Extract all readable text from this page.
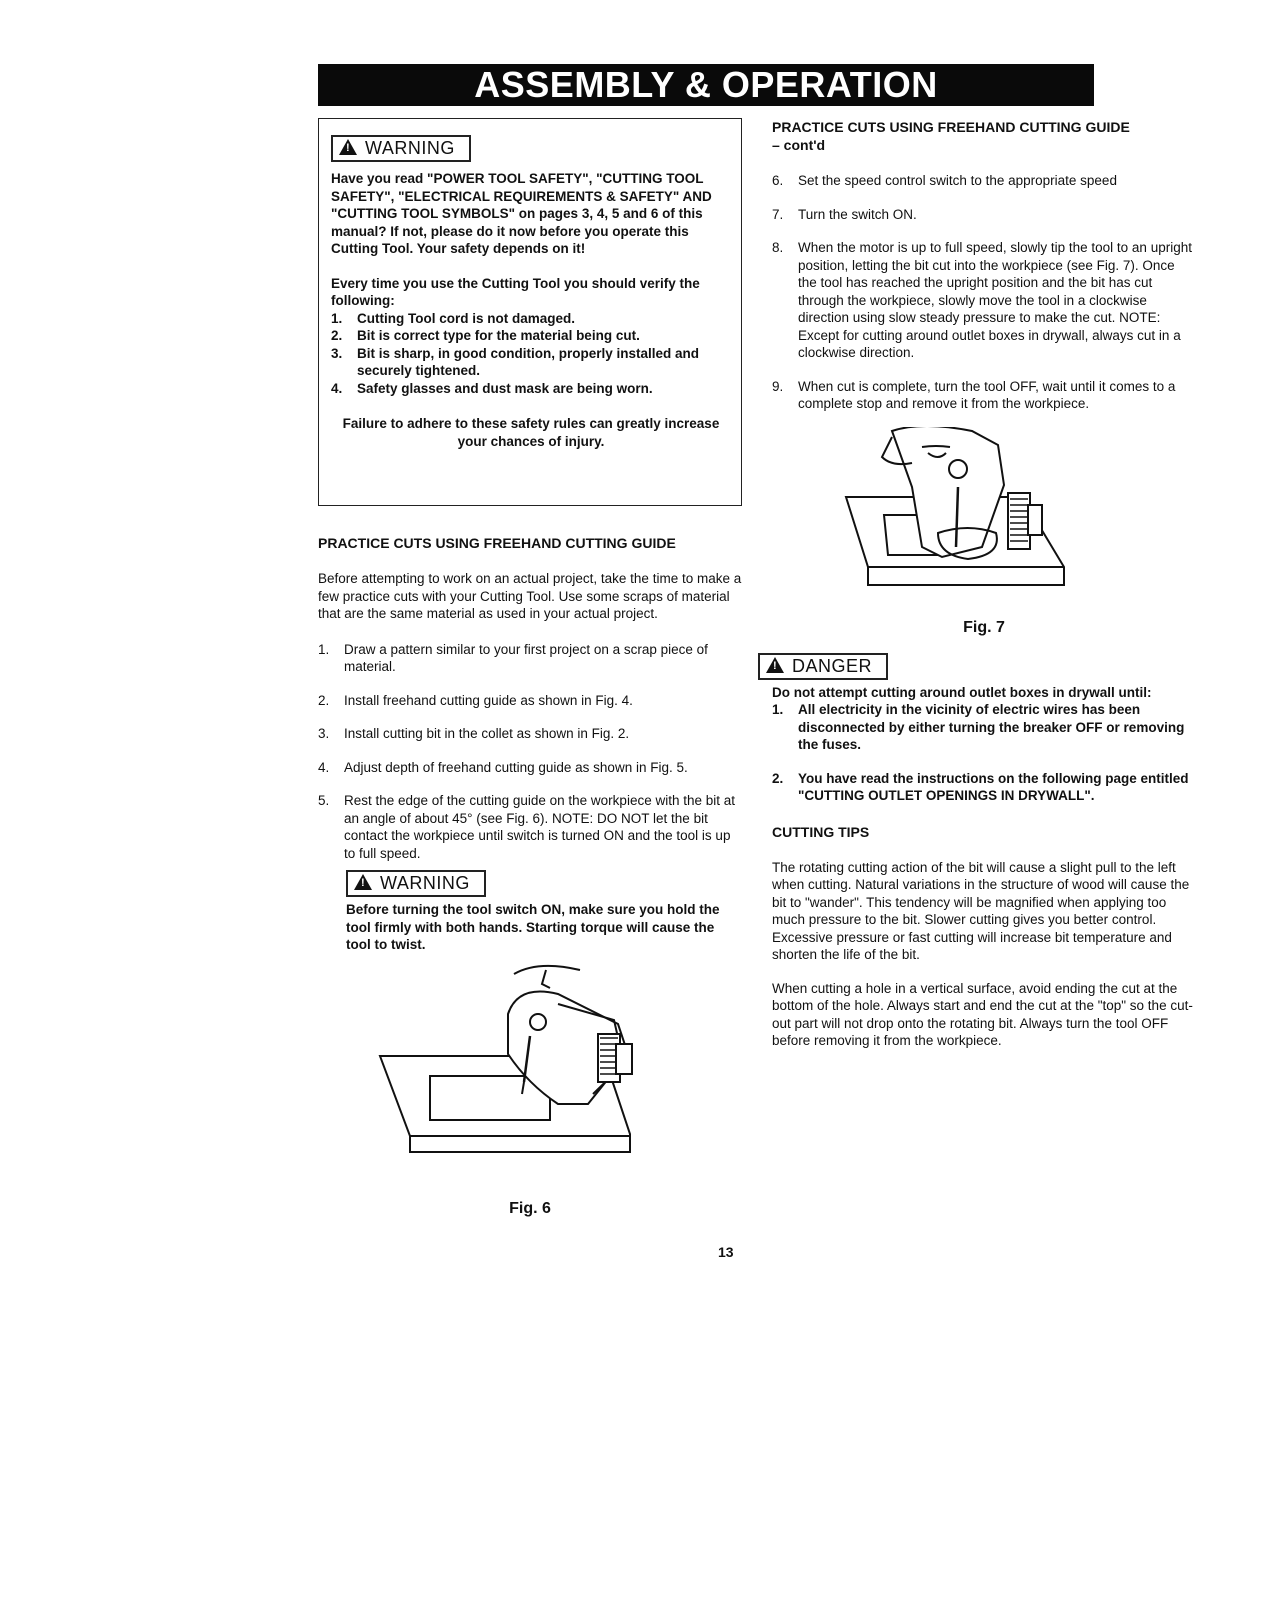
ASSEMBLY & OPERATION
!WARNING

Have you read "POWER TOOL SAFETY", "CUTTING TOOL SAFETY", "ELECTRICAL REQUIREMENTS & SAFETY" AND "CUTTING TOOL SYMBOLS" on pages 3, 4, 5 and 6 of this manual? If not, please do it now before you operate this Cutting Tool. Your safety depends on it!

Every time you use the Cutting Tool you should verify the following:

1.	Cutting Tool cord is not damaged.
2.	Bit is correct type for the material being cut.
3.	Bit is sharp, in good condition, properly installed and securely tightened.
4.	Safety glasses and dust mask are being worn.

Failure to adhere to these safety rules can greatly increase your chances of injury.

PRACTICE CUTS USING FREEHAND CUTTING GUIDE

Before attempting to work on an actual project, take the time to make a few practice cuts with your Cutting Tool. Use some scraps of material that are the same material as used in your actual project.

1.	Draw a pattern similar to your first project on a scrap piece of material.
2.	Install freehand cutting guide as shown in Fig. 4.
3.	Install cutting bit in the collet as shown in Fig. 2.
4.	Adjust depth of freehand cutting guide as shown in Fig. 5.
5.	Rest the edge of the cutting guide on the workpiece with the bit at an angle of about 45° (see Fig. 6). NOTE: DO NOT let the bit contact the workpiece until switch is turned ON and the tool is up to full speed.
!WARNING

Before turning the tool switch ON, make sure you hold the tool firmly with both hands. Starting torque will cause the tool to twist.

Fig. 6

PRACTICE CUTS USING FREEHAND CUTTING GUIDE – cont'd

6.	Set the speed control switch to the appropriate speed
7.	Turn the switch ON.
8.	When the motor is up to full speed, slowly tip the tool to an upright position, letting the bit cut into the workpiece (see Fig. 7). Once the tool has reached the upright position and the bit has cut through the workpiece, slowly move the tool in a clockwise direction using slow steady pressure to make the cut. NOTE: Except for cutting around outlet boxes in drywall, always cut in a clockwise direction.
9.	When cut is complete, turn the tool OFF, wait until it comes to a complete stop and remove it from the workpiece.
Fig. 7
!DANGER

Do not attempt cutting around outlet boxes in drywall until:

1.	All electricity in the vicinity of electric wires has been disconnected by either turning the breaker OFF or removing the fuses.
2.	You have read the instructions on the following page entitled "CUTTING OUTLET OPENINGS IN DRYWALL".

CUTTING TIPS

The rotating cutting action of the bit will cause a slight pull to the left when cutting. Natural variations in the structure of wood will cause the bit to "wander". This tendency will be magnified when applying too much pressure to the bit. Slower cutting gives you better control. Excessive pressure or fast cutting will increase bit temperature and shorten the life of the bit.

When cutting a hole in a vertical surface, avoid ending the cut at the bottom of the hole. Always start and end the cut at the "top" so the cut-out part will not drop onto the rotating bit. Always turn the tool OFF before removing it from the workpiece.

13
